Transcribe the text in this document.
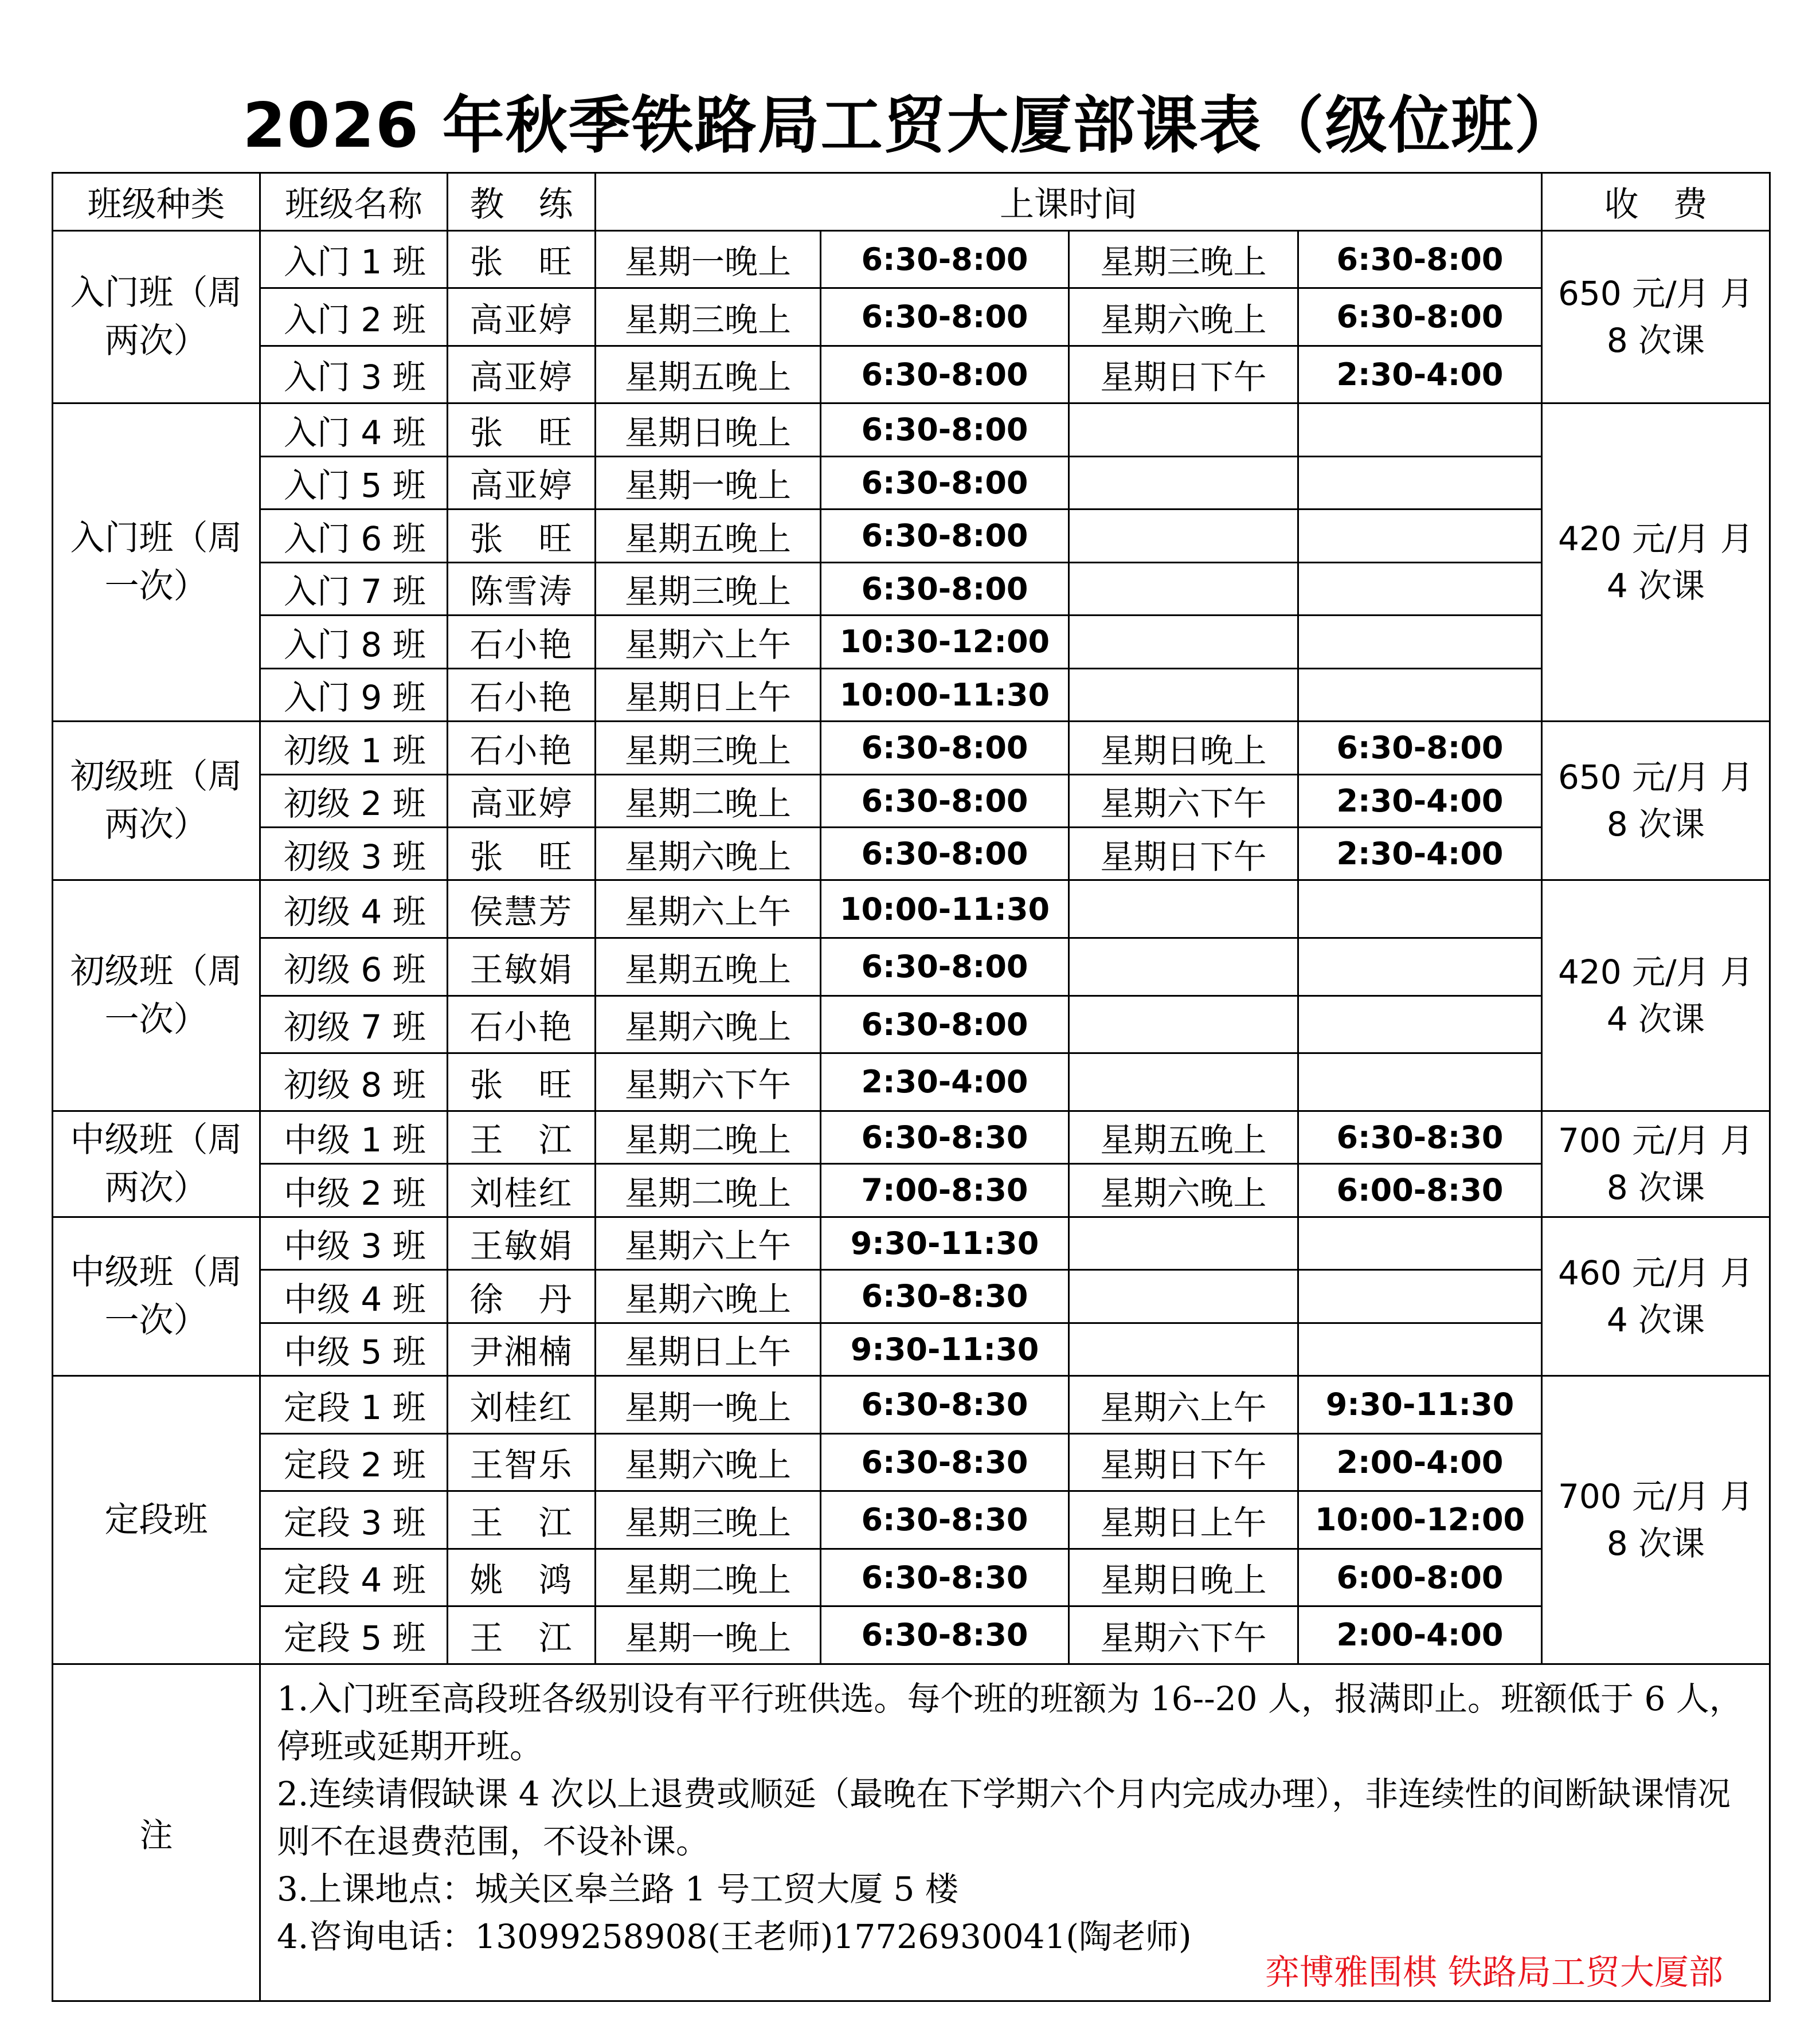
2026 年秋季铁路局工贸大厦部课表（级位班）
班级种类	班级名称	教　练	上课时间				收　费
入门班（周两次）	入门 1 班	张　旺	星期一晚上	6:30-8:00	星期三晚上	6:30-8:00	650 元/月 月 8 次课
	入门 2 班	高亚婷	星期三晚上	6:30-8:00	星期六晚上	6:30-8:00	
	入门 3 班	高亚婷	星期五晚上	6:30-8:00	星期日下午	2:30-4:00	
入门班（周一次）	入门 4 班	张　旺	星期日晚上	6:30-8:00			420 元/月 月 4 次课
	入门 5 班	高亚婷	星期一晚上	6:30-8:00			
	入门 6 班	张　旺	星期五晚上	6:30-8:00			
	入门 7 班	陈雪涛	星期三晚上	6:30-8:00			
	入门 8 班	石小艳	星期六上午	10:30-12:00			
	入门 9 班	石小艳	星期日上午	10:00-11:30			
初级班（周两次）	初级 1 班	石小艳	星期三晚上	6:30-8:00	星期日晚上	6:30-8:00	650 元/月 月 8 次课
	初级 2 班	高亚婷	星期二晚上	6:30-8:00	星期六下午	2:30-4:00	
	初级 3 班	张　旺	星期六晚上	6:30-8:00	星期日下午	2:30-4:00	
初级班（周一次）	初级 4 班	侯慧芳	星期六上午	10:00-11:30			420 元/月 月 4 次课
	初级 6 班	王敏娟	星期五晚上	6:30-8:00			
	初级 7 班	石小艳	星期六晚上	6:30-8:00			
	初级 8 班	张　旺	星期六下午	2:30-4:00			
中级班（周两次）	中级 1 班	王　江	星期二晚上	6:30-8:30	星期五晚上	6:30-8:30	700 元/月 月 8 次课
	中级 2 班	刘桂红	星期二晚上	7:00-8:30	星期六晚上	6:00-8:30	
中级班（周一次）	中级 3 班	王敏娟	星期六上午	9:30-11:30			460 元/月 月 4 次课
	中级 4 班	徐　丹	星期六晚上	6:30-8:30			
	中级 5 班	尹湘楠	星期日上午	9:30-11:30			
定段班	定段 1 班	刘桂红	星期一晚上	6:30-8:30	星期六上午	9:30-11:30	700 元/月 月 8 次课
	定段 2 班	王智乐	星期六晚上	6:30-8:30	星期日下午	2:00-4:00	
	定段 3 班	王　江	星期三晚上	6:30-8:30	星期日上午	10:00-12:00	
	定段 4 班	姚　鸿	星期二晚上	6:30-8:30	星期日晚上	6:00-8:00	
	定段 5 班	王　江	星期一晚上	6:30-8:30	星期六下午	2:00-4:00	
注	1.入门班至高段班各级别设有平行班供选。每个班的班额为 16--20 人，报满即止。班额低于 6 人，停班或延期开班。
2.连续请假缺课 4 次以上退费或顺延（最晚在下学期六个月内完成办理），非连续性的间断缺课情况则不在退费范围，不设补课。
3.上课地点：城关区皋兰路 1 号工贸大厦 5 楼
4.咨询电话：13099258908(王老师)17726930041(陶老师)
弈博雅围棋 铁路局工贸大厦部						
